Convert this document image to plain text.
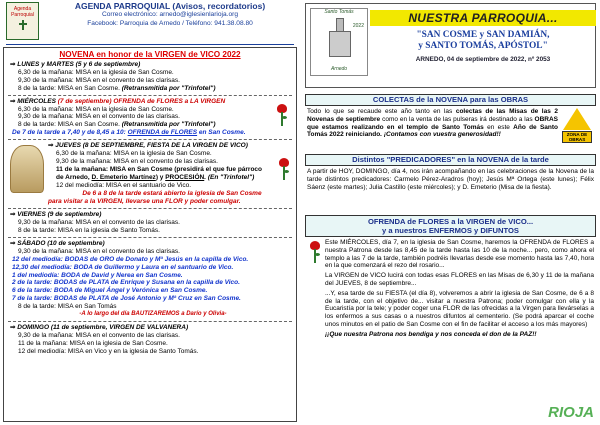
Agenda
Parroquial
AGENDA PARROQUIAL (Avisos, recordatorios)
Correo electrónico: arnedo@iglesienlarioja.org
Facebook: Parroquia de Arnedo / Teléfono: 941.38.08.80
NOVENA en honor de la VIRGEN de VICO 2022
⇒ LUNES y MARTES (5 y 6 de septiembre)
6,30 de la mañana: MISA en la iglesia de San Cosme.
9,30 de la mañana: MISA en el convento de las clarisas.
8 de la tarde: MISA en San Cosme. (Retransmitida por "Trinfotel")
⇒ MIÉRCOLES (7 de septiembre) OFRENDA de FLORES a LA VIRGEN
6,30 de la mañana: MISA en la iglesia de San Cosme.
9,30 de la mañana: MISA en el convento de las clarisas.
8 de la tarde: MISA en San Cosme. (Retransmitida por "Trinfotel")
De 7 de la tarde a 7,40 y de 8,45 a 10: OFRENDA de FLORES en San Cosme.
⇒ JUEVES (8 DE SEPTIEMBRE, FIESTA DE LA VIRGEN DE VICO)
6,30 de la mañana: MISA en la iglesia de San Cosme.
9,30 de la mañana: MISA en el convento de las clarisas.
11 de la mañana: MISA en San Cosme (presidirá el que fue párroco
de Arnedo, D. Emeterio Martínez) y PROCESIÓN. (En "Trinfotel")
12 del mediodía: MISA en el santuario de Vico.
De 6 a 8 de la tarde estará abierto la iglesia de San Cosme
para visitar a la VIRGEN, llevarse una FLOR y poder comulgar.
⇒ VIERNES (9 de septiembre)
9,30 de la mañana: MISA en el convento de las clarisas.
8 de la tarde: MISA en la iglesia de Santo Tomás.
⇒ SÁBADO (10 de septiembre)
9,30 de la mañana: MISA en el convento de las clarisas.
12 del mediodía: BODAS de ORO de Donato y Mª Jesús en la capilla de Vico.
12,30 del mediodía: BODA de Guillermo y Laura en el santuario de Vico.
1 del mediodía: BODA de David y Nerea en San Cosme.
2 de la tarde: BODAS de PLATA de Enrique y Susana en la capilla de Vico.
6 de la tarde: BODA de Miguel Ángel y Verónica en San Cosme.
7 de la tarde: BODAS de PLATA de José Antonio y Mª Cruz en San Cosme.
8 de la tarde: MISA en San Tomás
-A lo largo del día BAUTIZAREMOS a Darío y Olivia-
⇒ DOMINGO (11 de septiembre, VIRGEN DE VALVANERA)
9,30 de la mañana: MISA en el convento de las clarisas.
11 de la mañana: MISA en la iglesia de San Cosme.
12 del mediodía: MISA en Vico y en la iglesia de Santo Tomás.
Santo Tomás
2022
Arnedo
NUESTRA PARROQUIA...
"SAN COSME y SAN DAMIÁN,
y SANTO TOMÁS, APÓSTOL"
ARNEDO, 04 de septiembre de 2022, nº 2053
COLECTAS de la NOVENA para las OBRAS
Todo lo que se recaude este año tanto en las colectas de las Misas de las 2 Novenas de septiembre como en la venta de las pulseras irá destinado a las OBRAS que estamos realizando en el templo de Santo Tomás en este Año de Santo Tomás 2022 reiniciando. ¡Contamos con vuestra generosidad!!	ZONA DE OBRAS
Distintos "PREDICADORES" en la NOVENA de la tarde
A partir de HOY, DOMINGO, día 4, nos irán acompañando en las celebraciones de la Novena de la tarde distintos predicadores: Carmelo Pérez-Aradros (hoy); Jesús Mª Ortega (este lunes); Félix Sáenz (este martes); Julia Castillo (este miércoles); y D. Emeterio (Misa de la fiesta).
OFRENDA de FLORES a la VIRGEN de VICO...
y a nuestros ENFERMOS y DIFUNTOS
Este MIÉRCOLES, día 7, en la iglesia de San Cosme, haremos la OFRENDA de FLORES a nuestra Patrona desde las 8,45 de la tarde hasta las 10 de la noche... pero, como ahora el templo a las 7 de la tarde, también podréis llevarlas desde ese momento hasta las 7,40, hora en la que comenzará el rezo del rosario...
La VIRGEN de VICO lucirá con todas esas FLORES en las Misas de 6,30 y 11 de la mañana del JUEVES, 8 de septiembre...
...Y, esa tarde de su FIESTA (el día 8), volveremos a abrir la iglesia de San Cosme, de 6 a 8 de la tarde, con el objetivo de... visitar a nuestra Patrona; poder comulgar con ella y la Eucaristía por la tele; y poder coger una FLOR de las ofrecidas a la Virgen para llevárselas a los enfermos a sus casas o a nuestros difuntos al cementerio. (Se podrá aparcar el coche unos minutos en el patio de San Cosme con el fin de facilitar el acceso a los más mayores)
¡¡Que nuestra Patrona nos bendiga y nos conceda el don de la PAZ!!
RIOJA
